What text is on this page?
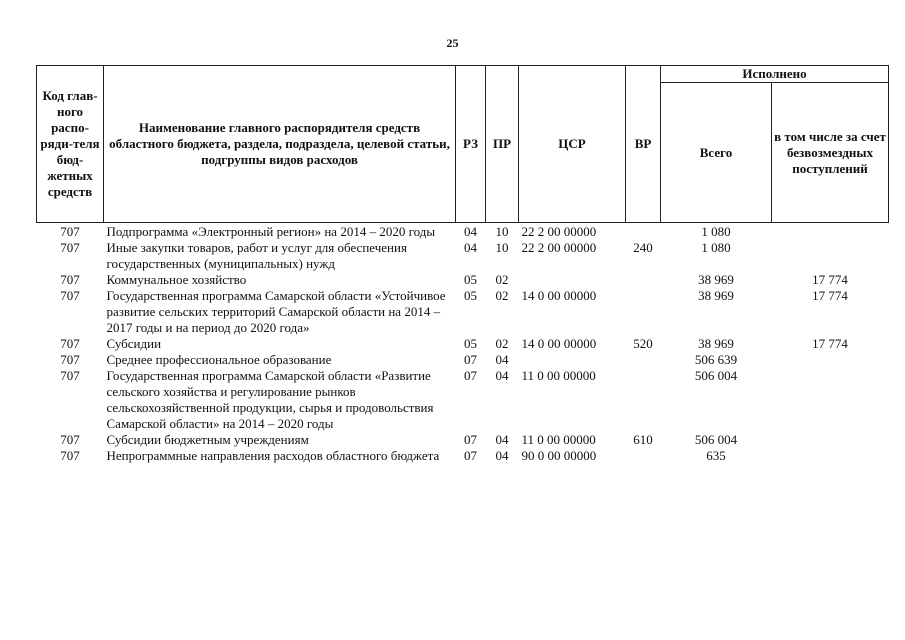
25
Код глав-ного распо-ряди-теля бюд-жетных средств	Наименование главного распорядителя средств областного бюджета, раздела, подраздела, целевой статьи, подгруппы видов расходов	РЗ	ПР	ЦСР	ВР	Исполнено	
						Всего	в том числе за счет безвозмездных поступлений
707	Подпрограмма «Электронный регион» на 2014 – 2020 годы	04	10	22 2 00 00000		1 080	
707	Иные закупки товаров, работ и услуг для обеспечения государственных (муниципальных) нужд	04	10	22 2 00 00000	240	1 080	
707	Коммунальное хозяйство	05	02			38 969	17 774
707	Государственная программа Самарской области «Устойчивое развитие сельских территорий Самарской области на 2014 – 2017 годы и на период до 2020 года»	05	02	14 0 00 00000		38 969	17 774
707	Субсидии	05	02	14 0 00 00000	520	38 969	17 774
707	Среднее профессиональное образование	07	04			506 639	
707	Государственная программа Самарской области «Развитие сельского хозяйства и регулирование рынков сельскохозяйственной продукции, сырья и продовольствия Самарской области» на 2014 – 2020 годы	07	04	11 0 00 00000		506 004	
707	Субсидии бюджетным учреждениям	07	04	11 0 00 00000	610	506 004	
707	Непрограммные направления расходов областного бюджета	07	04	90 0 00 00000		635	
